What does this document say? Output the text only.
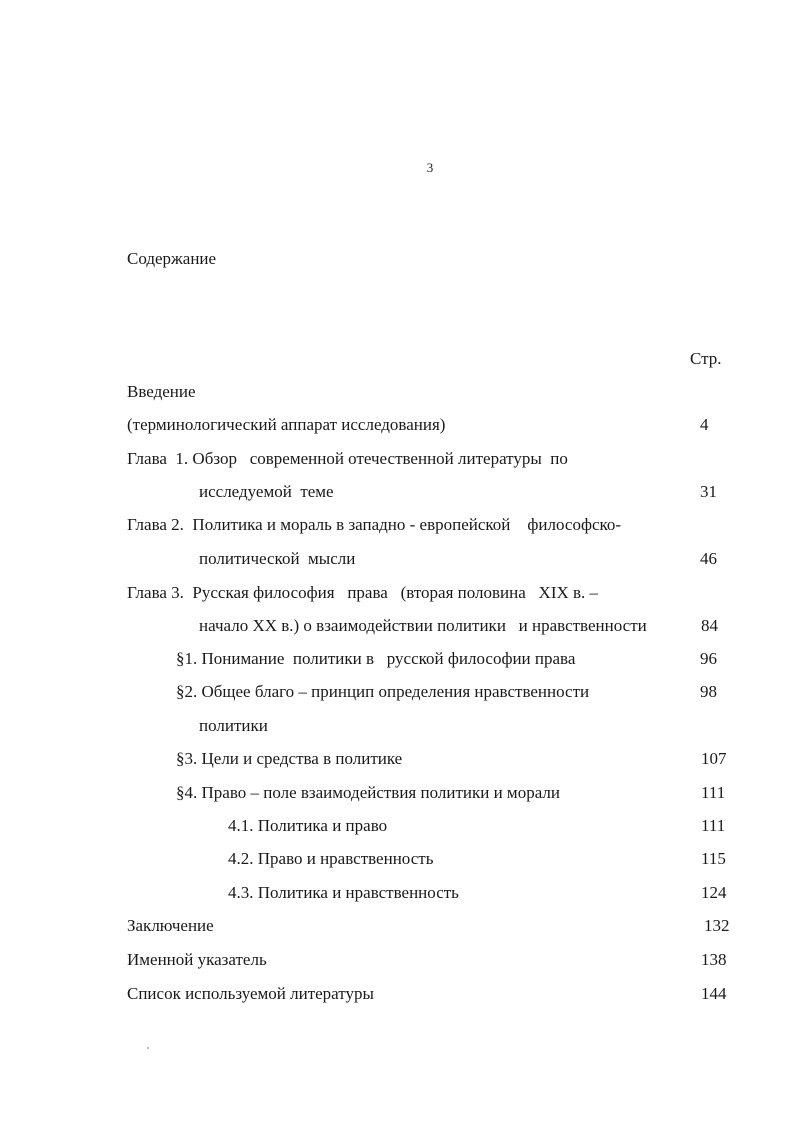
3
Содержание
Стр.
Введение
(терминологический аппарат исследования)	4
Глава  1. Обзор   современной отечественной литературы  по
исследуемой  теме	31
Глава 2.  Политика и мораль в западно - европейской    философско-
политической  мысли	46
Глава 3.  Русская философия   права   (вторая половина   XIX в. –
начало XX в.) о взаимодействии политики   и нравственности	84
§1. Понимание  политики в   русской философии права	96
§2. Общее благо – принцип определения нравственности	98
политики
§3. Цели и средства в политике	107
§4. Право – поле взаимодействия политики и морали	111
4.1. Политика и право	111
4.2. Право и нравственность	115
4.3. Политика и нравственность	124
Заключение	132
Именной указатель	138
Список используемой литературы	144
